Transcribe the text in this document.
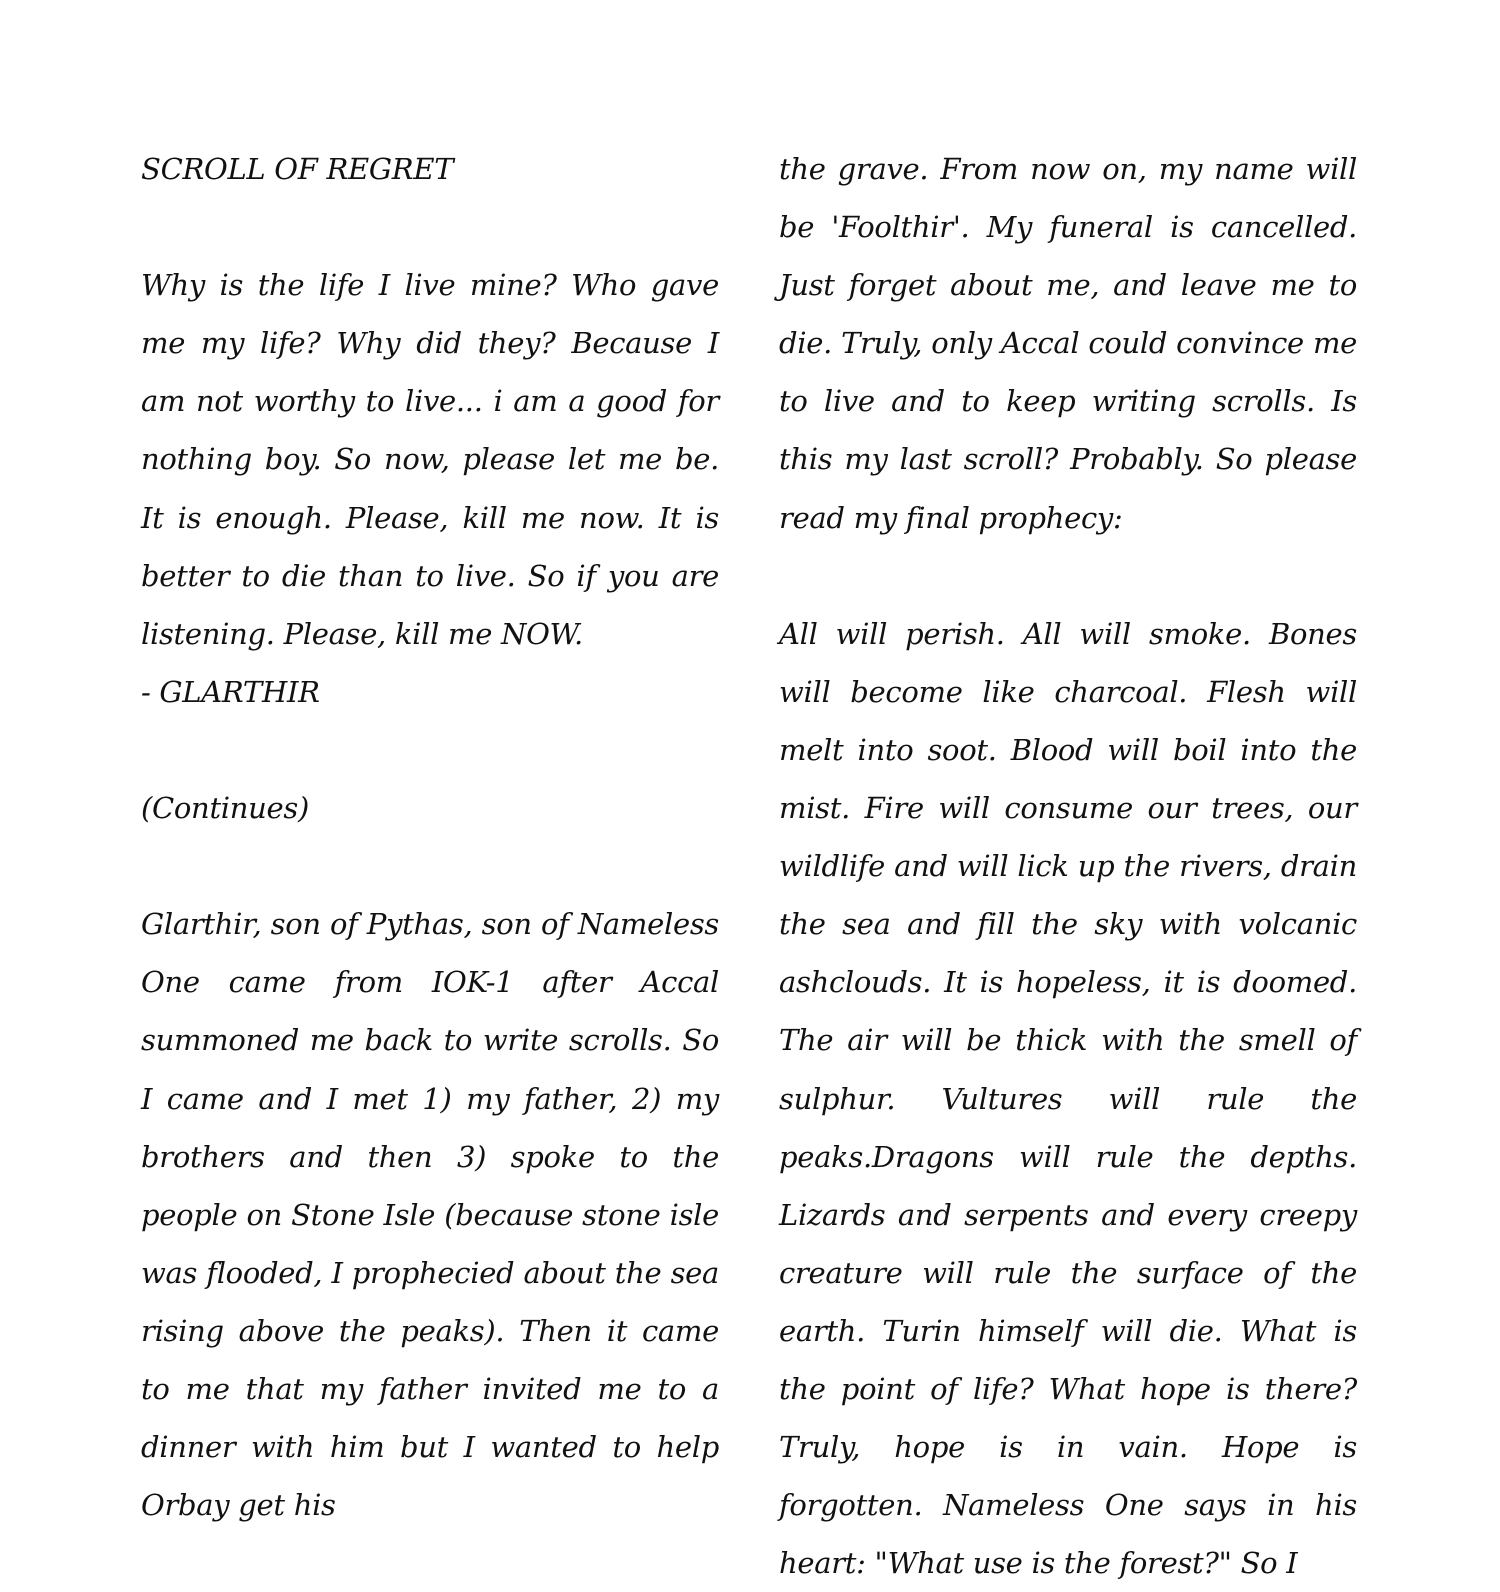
SCROLL OF REGRET

Why is the life I live mine? Who gave me my life? Why did they? Because I am not worthy to live... i am a good for nothing boy. So now, please let me be. It is enough. Please, kill me now. It is better to die than to live. So if you are listening. Please, kill me NOW.

- GLARTHIR

(Continues)

Glarthir, son of Pythas, son of Nameless One came from IOK-1 after Accal summoned me back to write scrolls. So I came and I met 1) my father, 2) my brothers and then 3) spoke to the people on Stone Isle (because stone isle was flooded, I prophecied about the sea rising above the peaks). Then it came to me that my father invited me to a dinner with him but I wanted to help Orbay get his

the grave. From now on, my name will be 'Foolthir'. My funeral is cancelled. Just forget about me, and leave me to die. Truly, only Accal could convince me to live and to keep writing scrolls. Is this my last scroll? Probably. So please read my final prophecy:

All will perish. All will smoke. Bones will become like charcoal. Flesh will melt into soot. Blood will boil into the mist. Fire will consume our trees, our wildlife and will lick up the rivers, drain the sea and fill the sky with volcanic ashclouds. It is hopeless, it is doomed. The air will be thick with the smell of sulphur. Vultures will rule the peaks.Dragons will rule the depths. Lizards and serpents and every creepy creature will rule the surface of the earth. Turin himself will die. What is the point of life? What hope is there? Truly, hope is in vain. Hope is forgotten. Nameless One says in his heart: "What use is the forest?" So I
